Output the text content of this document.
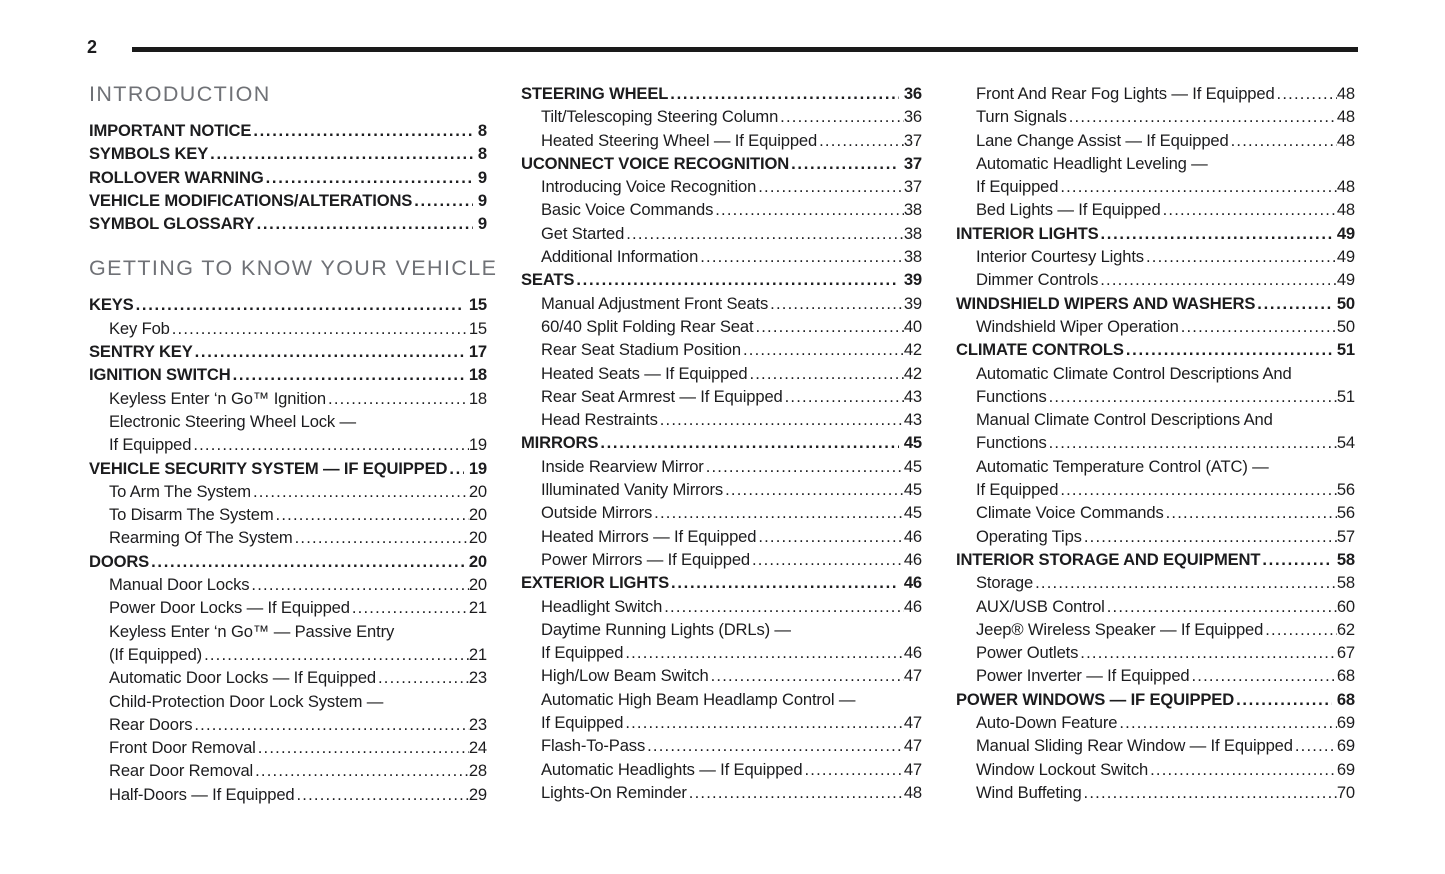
2
INTRODUCTION
IMPORTANT NOTICE .....	8
SYMBOLS KEY .....	8
ROLLOVER WARNING .....	9
VEHICLE MODIFICATIONS/ALTERATIONS .....	9
SYMBOL GLOSSARY .....	9
GETTING TO KNOW YOUR VEHICLE
KEYS .....	15
Key Fob .....	15
SENTRY KEY .....	17
IGNITION SWITCH .....	18
Keyless Enter ‘n Go™ Ignition .....	18
Electronic Steering Wheel Lock —
If Equipped .....	19
VEHICLE SECURITY SYSTEM — IF EQUIPPED .....	19
To Arm The System .....	20
To Disarm The System .....	20
Rearming Of The System .....	20
DOORS .....	20
Manual Door Locks .....	20
Power Door Locks — If Equipped .....	21
Keyless Enter ‘n Go™ — Passive Entry
(If Equipped) .....	21
Automatic Door Locks — If Equipped .....	23
Child-Protection Door Lock System —
Rear Doors .....	23
Front Door Removal .....	24
Rear Door Removal .....	28
Half-Doors — If Equipped .....	29
STEERING WHEEL .....	36
Tilt/Telescoping Steering Column .....	36
Heated Steering Wheel — If Equipped .....	37
UCONNECT VOICE RECOGNITION .....	37
Introducing Voice Recognition .....	37
Basic Voice Commands .....	38
Get Started .....	38
Additional Information .....	38
SEATS .....	39
Manual Adjustment Front Seats .....	39
60/40 Split Folding Rear Seat .....	40
Rear Seat Stadium Position .....	42
Heated Seats — If Equipped .....	42
Rear Seat Armrest — If Equipped .....	43
Head Restraints .....	43
MIRRORS .....	45
Inside Rearview Mirror .....	45
Illuminated Vanity Mirrors .....	45
Outside Mirrors .....	45
Heated Mirrors — If Equipped .....	46
Power Mirrors — If Equipped .....	46
EXTERIOR LIGHTS .....	46
Headlight Switch .....	46
Daytime Running Lights (DRLs) —
If Equipped .....	46
High/Low Beam Switch .....	47
Automatic High Beam Headlamp Control —
If Equipped .....	47
Flash-To-Pass .....	47
Automatic Headlights — If Equipped .....	47
Lights-On Reminder .....	48
Front And Rear Fog Lights — If Equipped .....	48
Turn Signals .....	48
Lane Change Assist — If Equipped .....	48
Automatic Headlight Leveling —
If Equipped .....	48
Bed Lights — If Equipped .....	48
INTERIOR LIGHTS .....	49
Interior Courtesy Lights .....	49
Dimmer Controls .....	49
WINDSHIELD WIPERS AND WASHERS .....	50
Windshield Wiper Operation .....	50
CLIMATE CONTROLS .....	51
Automatic Climate Control Descriptions And
Functions .....	51
Manual Climate Control Descriptions And
Functions .....	54
Automatic Temperature Control (ATC) —
If Equipped .....	56
Climate Voice Commands .....	56
Operating Tips .....	57
INTERIOR STORAGE AND EQUIPMENT .....	58
Storage .....	58
AUX/USB Control .....	60
Jeep® Wireless Speaker — If Equipped .....	62
Power Outlets .....	67
Power Inverter — If Equipped .....	68
POWER WINDOWS — IF EQUIPPED .....	68
Auto-Down Feature .....	69
Manual Sliding Rear Window — If Equipped .....	69
Window Lockout Switch .....	69
Wind Buffeting .....	70
